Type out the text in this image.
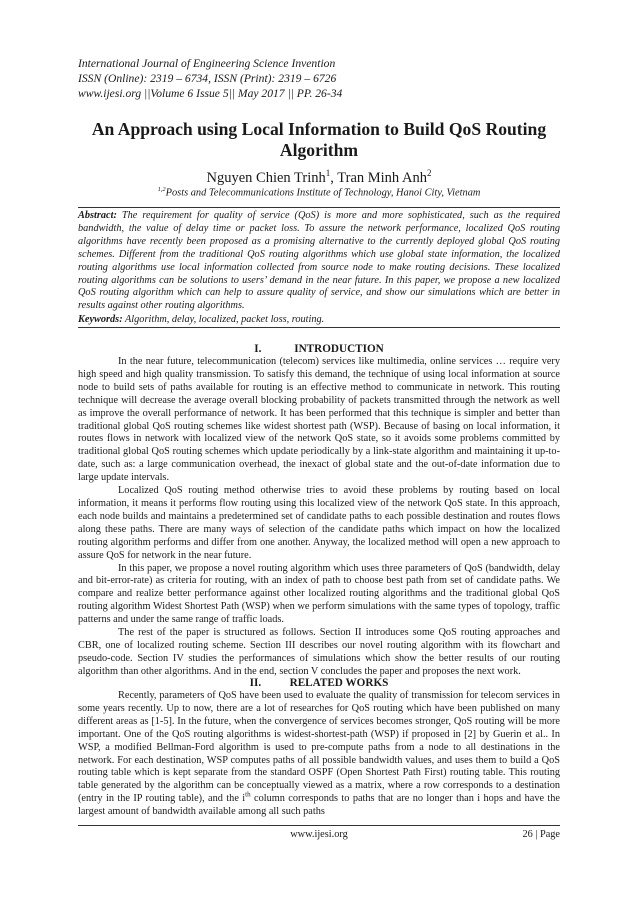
International Journal of Engineering Science Invention
ISSN (Online): 2319 – 6734, ISSN (Print): 2319 – 6726
www.ijesi.org ||Volume 6 Issue 5|| May 2017 || PP. 26-34
An Approach using Local Information to Build QoS Routing
Algorithm
Nguyen Chien Trinh$^1$, Tran Minh Anh$^2$
$^{1,2}$Posts and Telecommunications Institute of Technology, Hanoi City, Vietnam
Abstract: The requirement for quality of service (QoS) is more and more sophisticated, such as the required bandwidth, the value of delay time or packet loss. To assure the network performance, localized QoS routing algorithms have recently been proposed as a promising alternative to the currently deployed global QoS routing schemes. Different from the traditional QoS routing algorithms which use global state information, the localized routing algorithms use local information collected from source node to make routing decisions. These localized routing algorithms can be solutions to users’ demand in the near future. In this paper, we propose a new localized QoS routing algorithm which can help to assure quality of service, and show our simulations which are better in results against other routing algorithms.
Keywords: Algorithm, delay, localized, packet loss, routing.
I.	INTRODUCTION

In the near future, telecommunication (telecom) services like multimedia, online services … require very high speed and high quality transmission. To satisfy this demand, the technique of using local information at source node to build sets of paths available for routing is an effective method to communicate in network. This routing technique will decrease the average overall blocking probability of packets transmitted through the network as well as improve the overall performance of network. It has been performed that this technique is simpler and better than traditional global QoS routing schemes like widest shortest path (WSP). Because of basing on local information, it routes flows in network with localized view of the network QoS state, so it avoids some problems committed by traditional global QoS routing schemes which update periodically by a link-state algorithm and maintaining it up-to-date, such as: a large communication overhead, the inexact of global state and the out-of-date information due to large update intervals.

Localized QoS routing method otherwise tries to avoid these problems by routing based on local information, it means it performs flow routing using this localized view of the network QoS state. In this approach, each node builds and maintains a predetermined set of candidate paths to each possible destination and routes flows along these paths. There are many ways of selection of the candidate paths which impact on how the localized routing algorithm performs and differ from one another. Anyway, the localized method will open a new approach to assure QoS for network in the near future.

In this paper, we propose a novel routing algorithm which uses three parameters of QoS (bandwidth, delay and bit-error-rate) as criteria for routing, with an index of path to choose best path from set of candidate paths. We compare and realize better performance against other localized routing algorithms and the traditional global QoS routing algorithm Widest Shortest Path (WSP) when we perform simulations with the same types of topology, traffic patterns and under the same range of traffic loads.

The rest of the paper is structured as follows. Section II introduces some QoS routing approaches and CBR, one of localized routing scheme. Section III describes our novel routing algorithm with its flowchart and pseudo-code. Section IV studies the performances of simulations which show the better results of our routing algorithm than other algorithms. And in the end, section V concludes the paper and proposes the next work.

II.	RELATED WORKS

Recently, parameters of QoS have been used to evaluate the quality of transmission for telecom services in some years recently. Up to now, there are a lot of researches for QoS routing which have been published on many different areas as [1-5]. In the future, when the convergence of services becomes stronger, QoS routing will be more important. One of the QoS routing algorithms is widest-shortest-path (WSP) if proposed in [2] by Guerin et al.. In WSP, a modified Bellman-Ford algorithm is used to pre-compute paths from a node to all destinations in the network. For each destination, WSP computes paths of all possible bandwidth values, and uses them to build a QoS routing table which is kept separate from the standard OSPF (Open Shortest Path First) routing table. This routing table generated by the algorithm can be conceptually viewed as a matrix, where a row corresponds to a destination (entry in the IP routing table), and the $i^{th}$ column corresponds to paths that are no longer than i hops and have the largest amount of bandwidth available among all such paths

www.ijesi.org	26 | Page
